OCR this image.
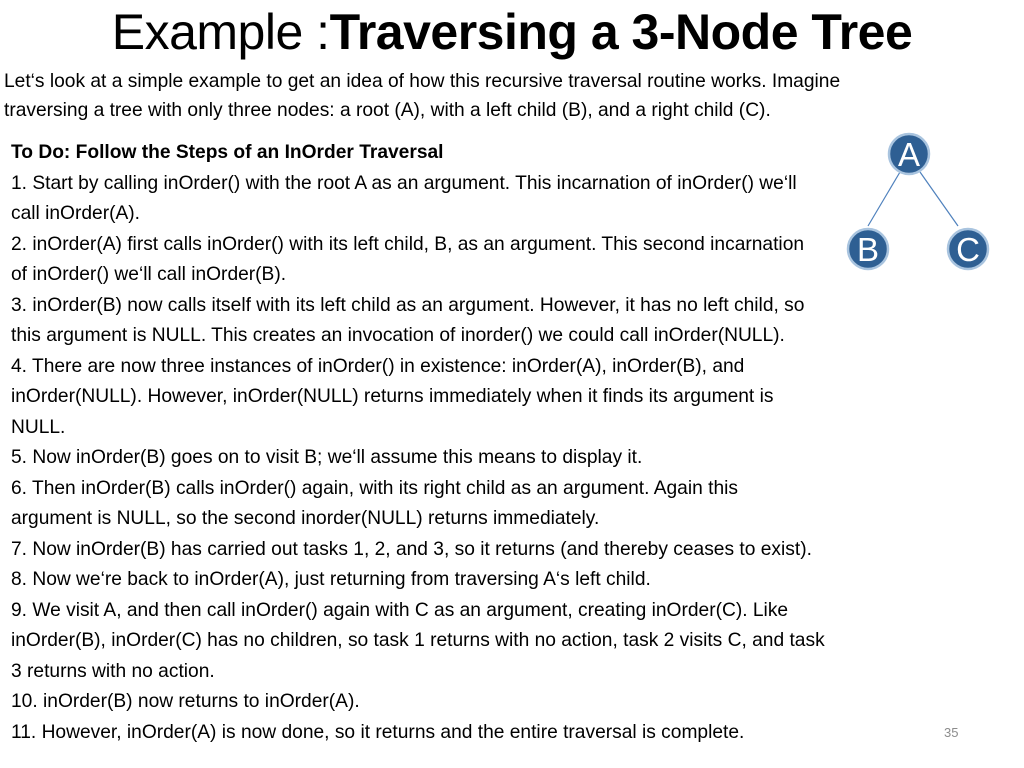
Example :Traversing a 3-Node Tree

Let‘s look at a simple example to get an idea of how this recursive traversal routine works. Imagine

traversing a tree with only three nodes: a root (A), with a left child (B), and a right child (C).

A
B C

To Do: Follow the Steps of an InOrder Traversal

1. Start by calling inOrder() with the root A as an argument. This incarnation of inOrder() we‘ll

call inOrder(A).

2. inOrder(A) first calls inOrder() with its left child, B, as an argument. This second incarnation

of inOrder() we‘ll call inOrder(B).

3. inOrder(B) now calls itself with its left child as an argument. However, it has no left child, so

this argument is NULL. This creates an invocation of inorder() we could call inOrder(NULL).

4. There are now three instances of inOrder() in existence: inOrder(A), inOrder(B), and

inOrder(NULL). However, inOrder(NULL) returns immediately when it finds its argument is

NULL.

5. Now inOrder(B) goes on to visit B; we‘ll assume this means to display it.

6. Then inOrder(B) calls inOrder() again, with its right child as an argument. Again this

argument is NULL, so the second inorder(NULL) returns immediately.

7. Now inOrder(B) has carried out tasks 1, 2, and 3, so it returns (and thereby ceases to exist).

8. Now we‘re back to inOrder(A), just returning from traversing A‘s left child.

9. We visit A, and then call inOrder() again with C as an argument, creating inOrder(C). Like

inOrder(B), inOrder(C) has no children, so task 1 returns with no action, task 2 visits C, and task

3 returns with no action.

10. inOrder(B) now returns to inOrder(A).

11. However, inOrder(A) is now done, so it returns and the entire traversal is complete.	35
